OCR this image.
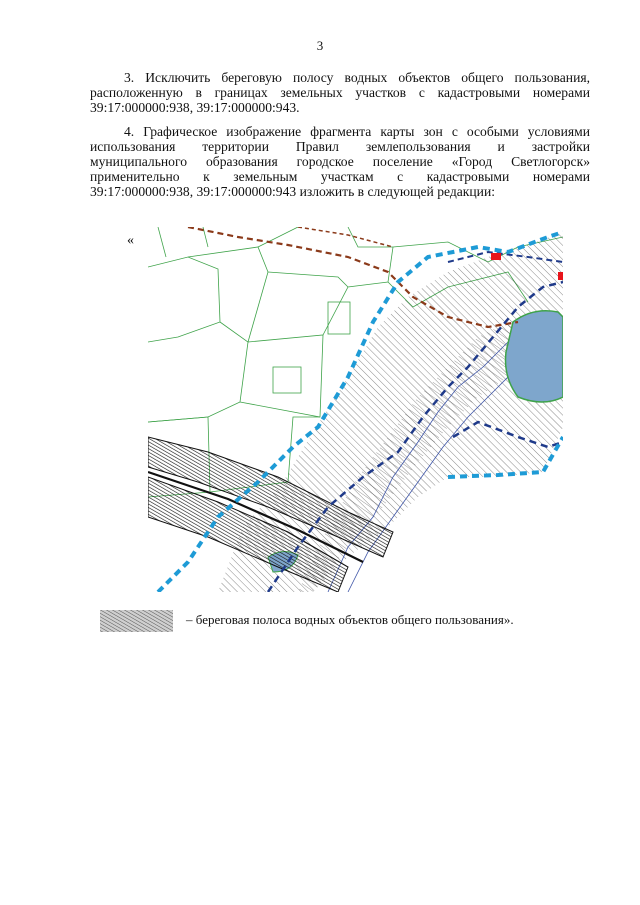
3
3. Исключить береговую полосу водных объектов общего пользования,
расположенную в границах земельных участков с кадастровыми номерами
39:17:000000:938, 39:17:000000:943.
4. Графическое изображение фрагмента карты зон с особыми условиями
использования территории Правил землепользования и застройки
муниципального образования городское поселение «Город Светлогорск»
применительно к земельным участкам с кадастровыми номерами
39:17:000000:938, 39:17:000000:943 изложить в следующей редакции:
«
– береговая полоса водных объектов общего пользования».
